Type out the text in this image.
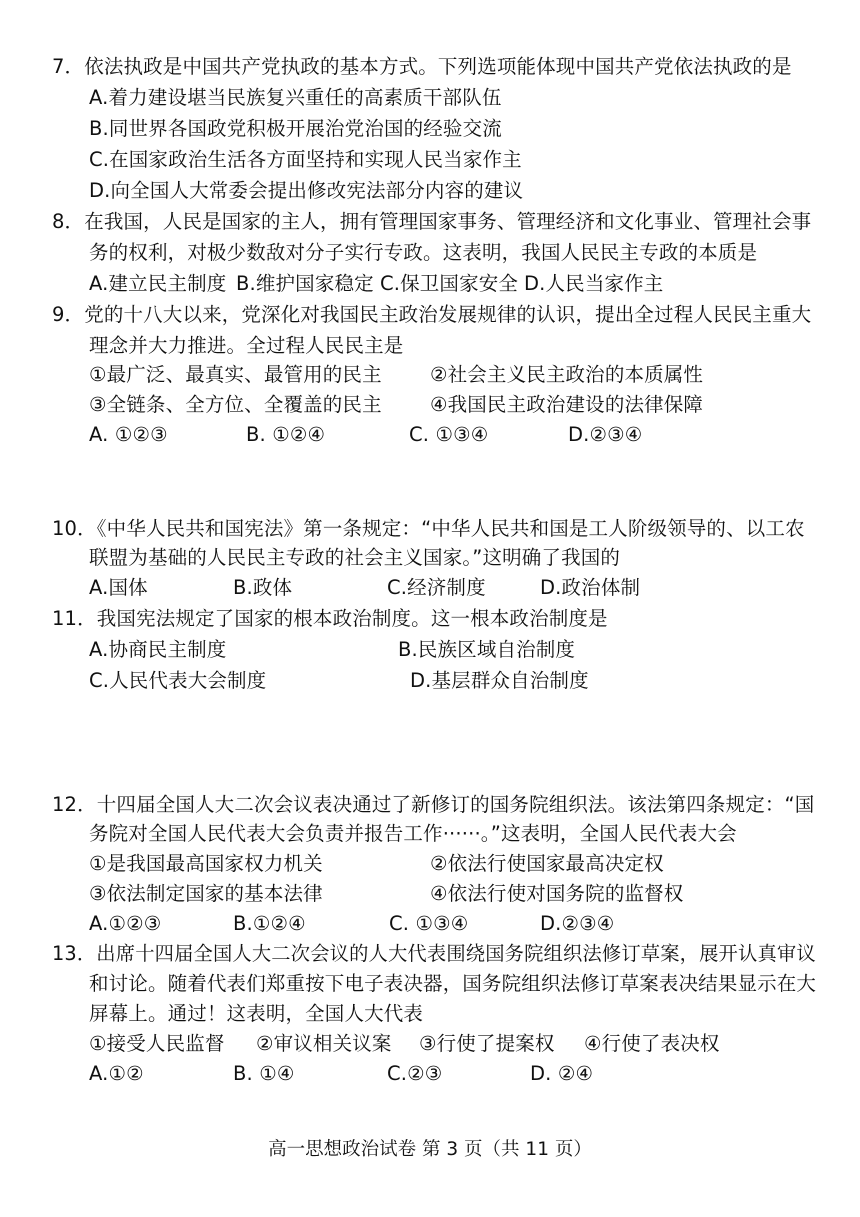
7．依法执政是中国共产党执政的基本方式。下列选项能体现中国共产党依法执政的是
A.着力建设堪当民族复兴重任的高素质干部队伍
B.同世界各国政党积极开展治党治国的经验交流
C.在国家政治生活各方面坚持和实现人民当家作主
D.向全国人大常委会提出修改宪法部分内容的建议
8．在我国，人民是国家的主人，拥有管理国家事务、管理经济和文化事业、管理社会事
务的权利，对极少数敌对分子实行专政。这表明，我国人民民主专政的本质是
A.建立民主制度 B.维护国家稳定 C.保卫国家安全 D.人民当家作主
9．党的十八大以来，党深化对我国民主政治发展规律的认识，提出全过程人民民主重大
理念并大力推进。全过程人民民主是
①最广泛、最真实、最管用的民主 ②社会主义民主政治的本质属性
③全链条、全方位、全覆盖的民主 ④我国民主政治建设的法律保障
A. ①②③	B. ①②④	C. ①③④	D.②③④
10．《中华人民共和国宪法》第一条规定：“中华人民共和国是工人阶级领导的、以工农
联盟为基础的人民民主专政的社会主义国家。”这明确了我国的
A.国体	B.政体	C.经济制度	D.政治体制
11．我国宪法规定了国家的根本政治制度。这一根本政治制度是
A.协商民主制度	B.民族区域自治制度
C.人民代表大会制度	D.基层群众自治制度
12．十四届全国人大二次会议表决通过了新修订的国务院组织法。该法第四条规定：“国
务院对全国人民代表大会负责并报告工作······。”这表明，全国人民代表大会
①是我国最高国家权力机关	②依法行使国家最高决定权
③依法制定国家的基本法律	④依法行使对国务院的监督权
A.①②③	B.①②④	C. ①③④	D.②③④
13．出席十四届全国人大二次会议的人大代表围绕国务院组织法修订草案，展开认真审议
和讨论。随着代表们郑重按下电子表决器，国务院组织法修订草案表决结果显示在大
屏幕上。通过！这表明，全国人大代表
①接受人民监督 ②审议相关议案 ③行使了提案权 ④行使了表决权
A.①②	B. ①④	C.②③	D. ②④
高一思想政治试卷 第 3 页（共 11 页）
